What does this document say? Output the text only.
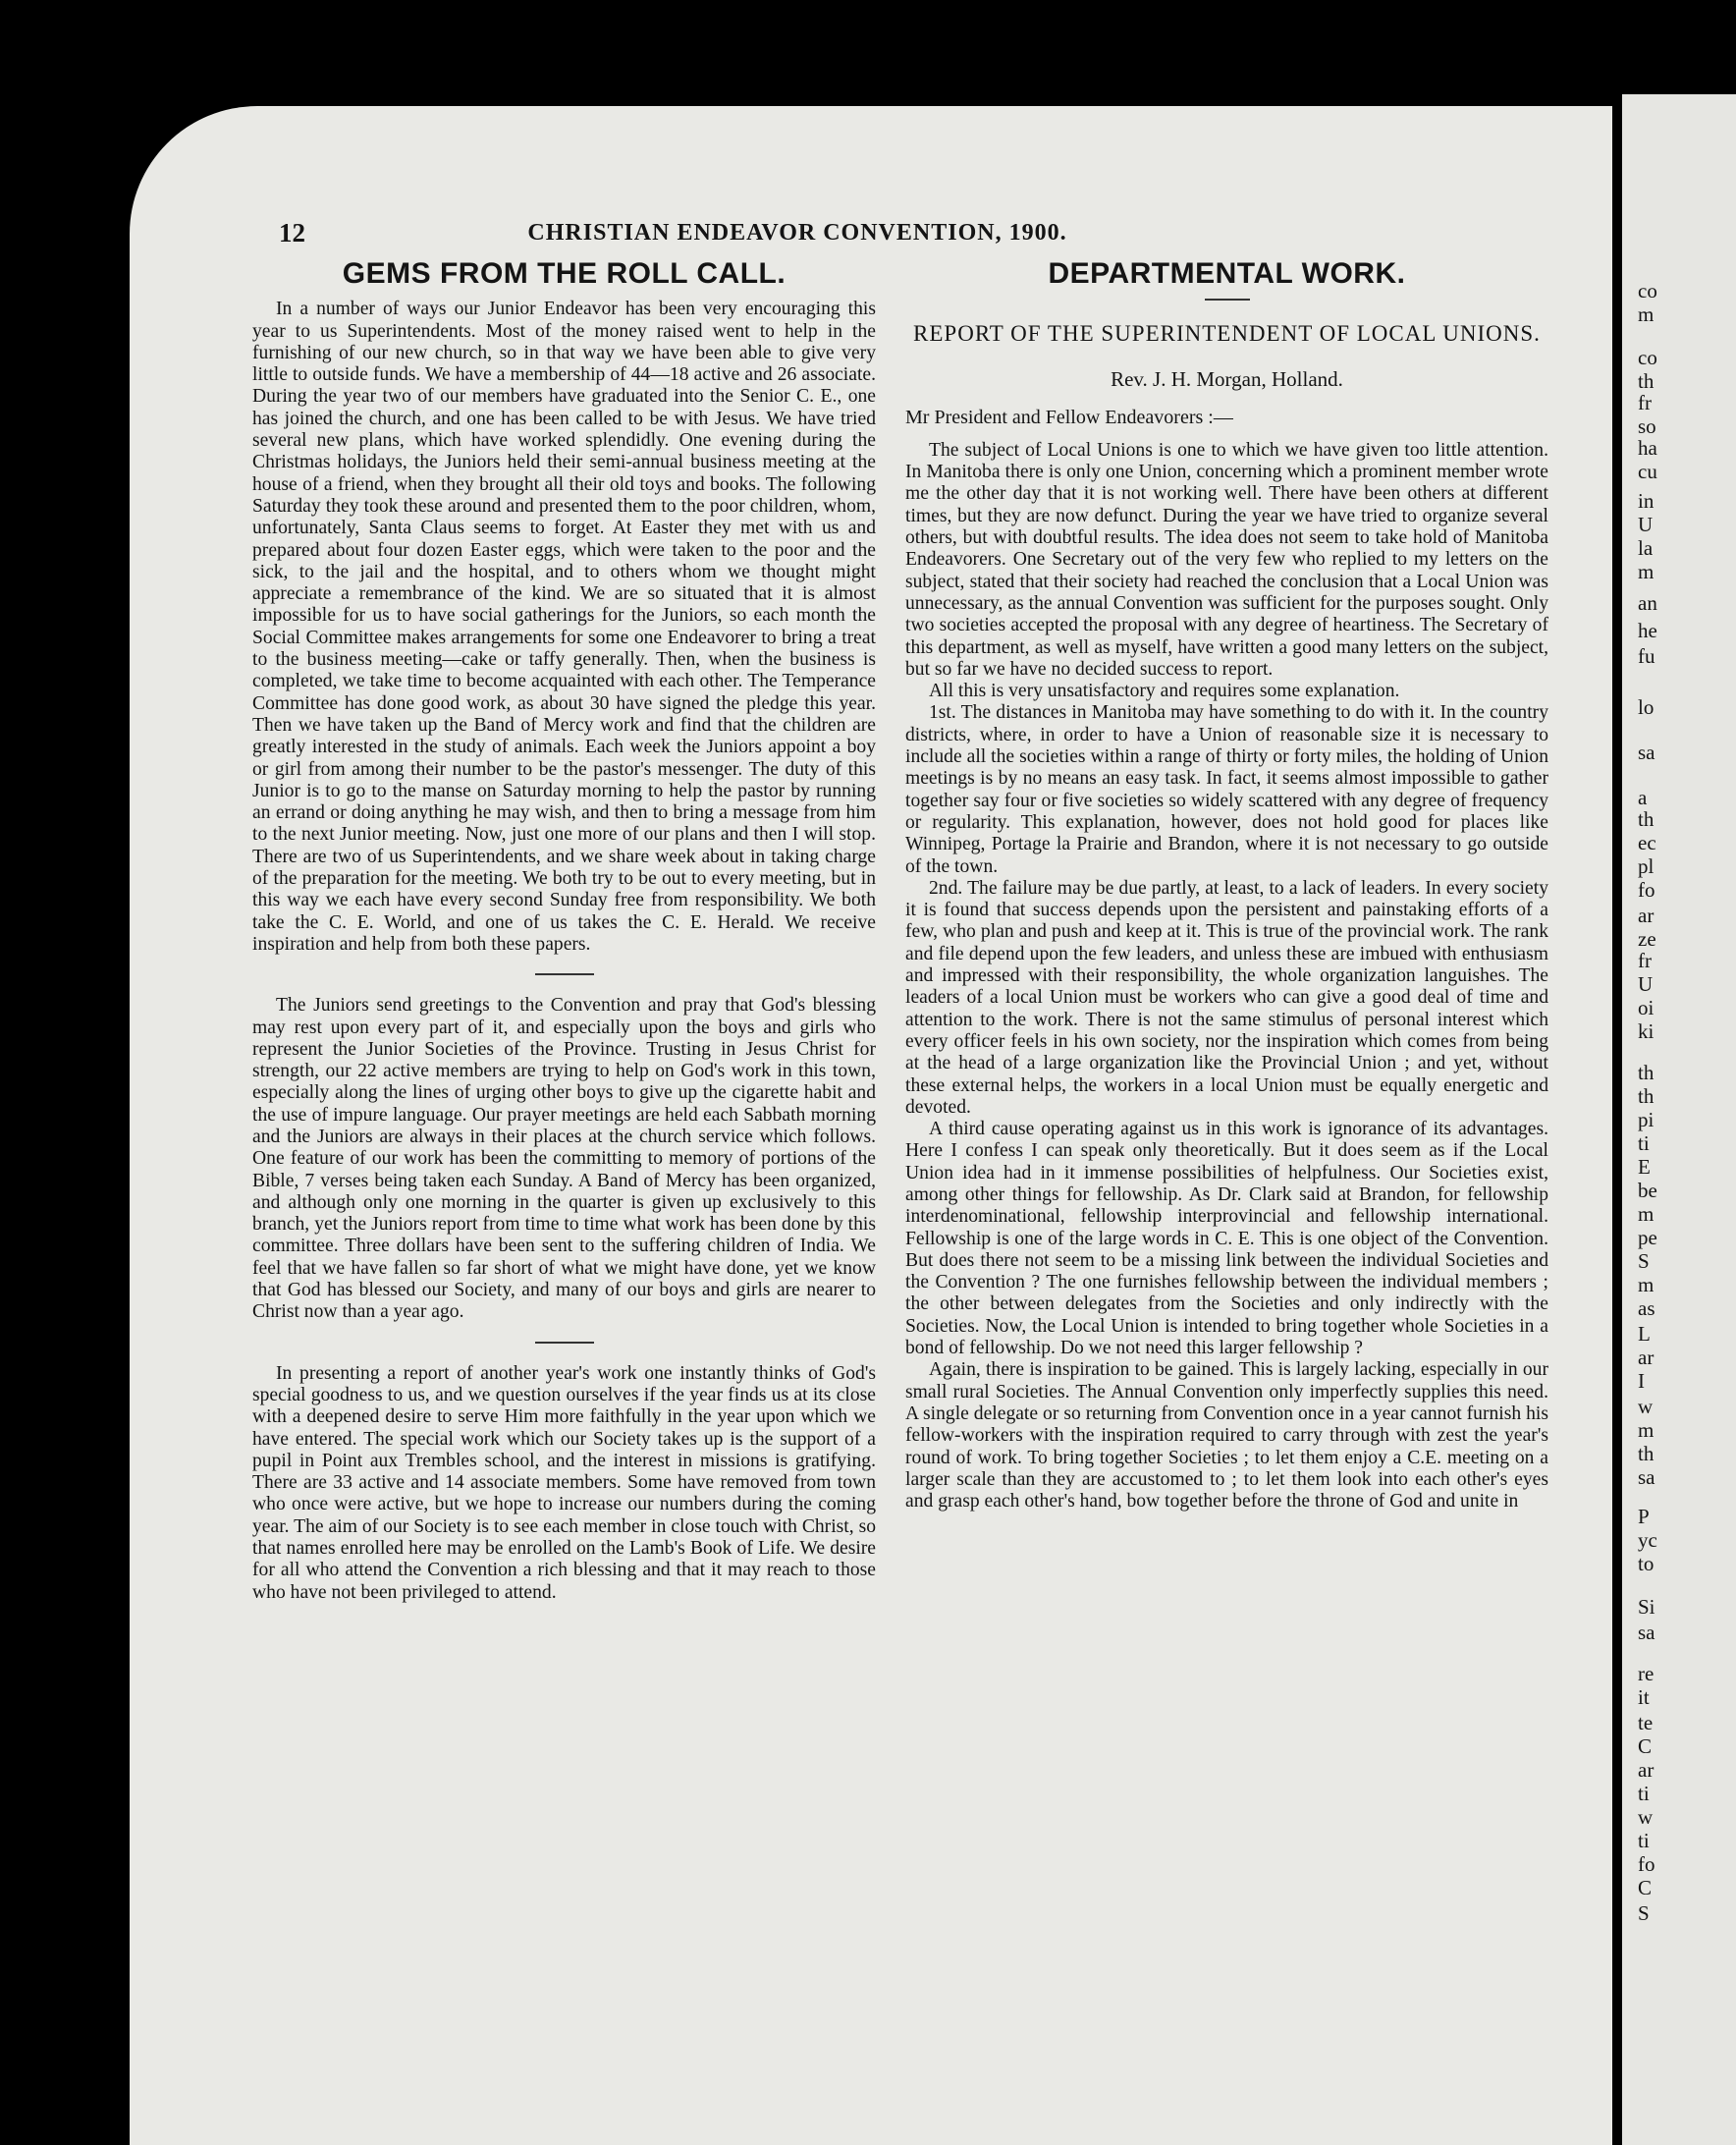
12	CHRISTIAN ENDEAVOR CONVENTION, 1900.
GEMS FROM THE ROLL CALL.

In a number of ways our Junior Endeavor has been very encouraging this year to us Superintendents. Most of the money raised went to help in the furnishing of our new church, so in that way we have been able to give very little to outside funds. We have a membership of 44—18 active and 26 associate. During the year two of our members have graduated into the Senior C. E., one has joined the church, and one has been called to be with Jesus. We have tried several new plans, which have worked splendidly. One evening during the Christmas holidays, the Juniors held their semi-annual business meeting at the house of a friend, when they brought all their old toys and books. The following Saturday they took these around and presented them to the poor children, whom, unfortunately, Santa Claus seems to forget. At Easter they met with us and prepared about four dozen Easter eggs, which were taken to the poor and the sick, to the jail and the hospital, and to others whom we thought might appreciate a remembrance of the kind. We are so situated that it is almost impossible for us to have social gatherings for the Juniors, so each month the Social Committee makes arrangements for some one Endeavorer to bring a treat to the business meeting—cake or taffy generally. Then, when the business is completed, we take time to become acquainted with each other. The Temperance Committee has done good work, as about 30 have signed the pledge this year. Then we have taken up the Band of Mercy work and find that the children are greatly interested in the study of animals. Each week the Juniors appoint a boy or girl from among their number to be the pastor's messenger. The duty of this Junior is to go to the manse on Saturday morning to help the pastor by running an errand or doing anything he may wish, and then to bring a message from him to the next Junior meeting. Now, just one more of our plans and then I will stop. There are two of us Superintendents, and we share week about in taking charge of the preparation for the meeting. We both try to be out to every meeting, but in this way we each have every second Sunday free from responsibility. We both take the C. E. World, and one of us takes the C. E. Herald. We receive inspiration and help from both these papers.

The Juniors send greetings to the Convention and pray that God's blessing may rest upon every part of it, and especially upon the boys and girls who represent the Junior Societies of the Province. Trusting in Jesus Christ for strength, our 22 active members are trying to help on God's work in this town, especially along the lines of urging other boys to give up the cigarette habit and the use of impure language. Our prayer meetings are held each Sabbath morning and the Juniors are always in their places at the church service which follows. One feature of our work has been the committing to memory of portions of the Bible, 7 verses being taken each Sunday. A Band of Mercy has been organized, and although only one morning in the quarter is given up exclusively to this branch, yet the Juniors report from time to time what work has been done by this committee. Three dollars have been sent to the suffering children of India. We feel that we have fallen so far short of what we might have done, yet we know that God has blessed our Society, and many of our boys and girls are nearer to Christ now than a year ago.

In presenting a report of another year's work one instantly thinks of God's special goodness to us, and we question ourselves if the year finds us at its close with a deepened desire to serve Him more faithfully in the year upon which we have entered. The special work which our Society takes up is the support of a pupil in Point aux Trembles school, and the interest in missions is gratifying. There are 33 active and 14 associate members. Some have removed from town who once were active, but we hope to increase our numbers during the coming year. The aim of our Society is to see each member in close touch with Christ, so that names enrolled here may be enrolled on the Lamb's Book of Life. We desire for all who attend the Convention a rich blessing and that it may reach to those who have not been privileged to attend.

DEPARTMENTAL WORK.
REPORT OF THE SUPERINTENDENT OF LOCAL UNIONS.
Rev. J. H. Morgan, Holland.

Mr President and Fellow Endeavorers :—

The subject of Local Unions is one to which we have given too little attention. In Manitoba there is only one Union, concerning which a prominent member wrote me the other day that it is not working well. There have been others at different times, but they are now defunct. During the year we have tried to organize several others, but with doubtful results. The idea does not seem to take hold of Manitoba Endeavorers. One Secretary out of the very few who replied to my letters on the subject, stated that their society had reached the conclusion that a Local Union was unnecessary, as the annual Convention was sufficient for the purposes sought. Only two societies accepted the proposal with any degree of heartiness. The Secretary of this department, as well as myself, have written a good many letters on the subject, but so far we have no decided success to report.

All this is very unsatisfactory and requires some explanation.

1st. The distances in Manitoba may have something to do with it. In the country districts, where, in order to have a Union of reasonable size it is necessary to include all the societies within a range of thirty or forty miles, the holding of Union meetings is by no means an easy task. In fact, it seems almost impossible to gather together say four or five societies so widely scattered with any degree of frequency or regularity. This explanation, however, does not hold good for places like Winnipeg, Portage la Prairie and Brandon, where it is not necessary to go outside of the town.

2nd. The failure may be due partly, at least, to a lack of leaders. In every society it is found that success depends upon the persistent and painstaking efforts of a few, who plan and push and keep at it. This is true of the provincial work. The rank and file depend upon the few leaders, and unless these are imbued with enthusiasm and impressed with their responsibility, the whole organization languishes. The leaders of a local Union must be workers who can give a good deal of time and attention to the work. There is not the same stimulus of personal interest which every officer feels in his own society, nor the inspiration which comes from being at the head of a large organization like the Provincial Union ; and yet, without these external helps, the workers in a local Union must be equally energetic and devoted.

A third cause operating against us in this work is ignorance of its advantages. Here I confess I can speak only theoretically. But it does seem as if the Local Union idea had in it immense possibilities of helpfulness. Our Societies exist, among other things for fellowship. As Dr. Clark said at Brandon, for fellowship interdenominational, fellowship interprovincial and fellowship international. Fellowship is one of the large words in C. E. This is one object of the Convention. But does there not seem to be a missing link between the individual Societies and the Convention ? The one furnishes fellowship between the individual members ; the other between delegates from the Societies and only indirectly with the Societies. Now, the Local Union is intended to bring together whole Societies in a bond of fellowship. Do we not need this larger fellowship ?

Again, there is inspiration to be gained. This is largely lacking, especially in our small rural Societies. The Annual Convention only imperfectly supplies this need. A single delegate or so returning from Convention once in a year cannot furnish his fellow-workers with the inspiration required to carry through with zest the year's round of work. To bring together Societies ; to let them enjoy a C.E. meeting on a larger scale than they are accustomed to ; to let them look into each other's eyes and grasp each other's hand, bow together before the throne of God and unite in

co
m
co
th
fr
so
ha
cu
in
U
la
m
an
he
fu
lo
sa
a
th
ec
pl
fo
ar
ze
fr
U
oi
ki
th
th
pi
ti
E
be
m
pe
S
m
as
L
ar
I
w
m
th
sa
P
yc
to
Si
sa
re
it
te
C
ar
ti
w
ti
fo
C
S
